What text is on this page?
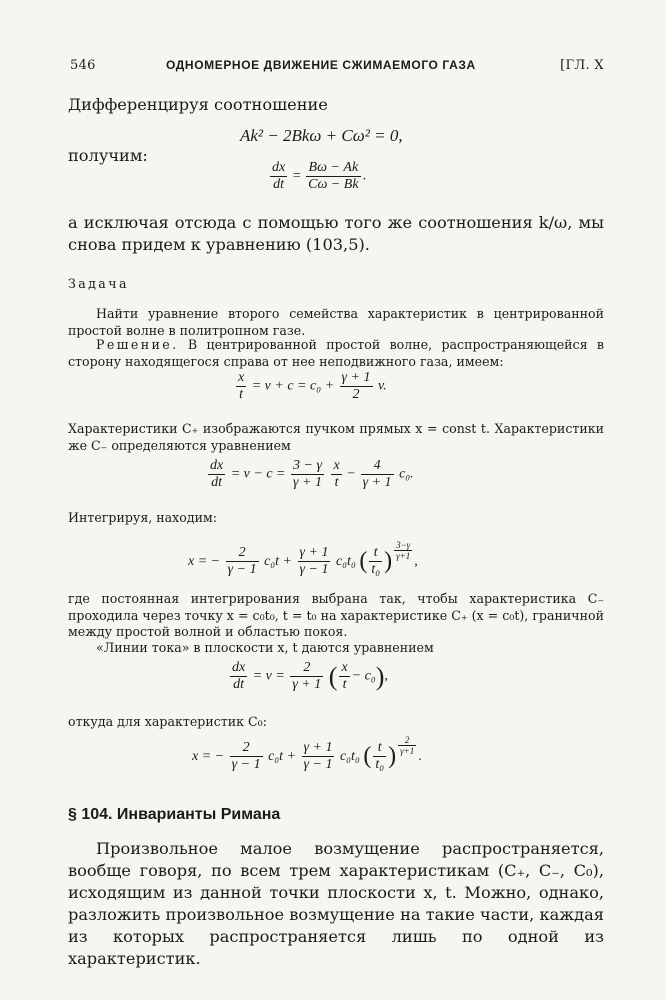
546	ОДНОМЕРНОЕ ДВИЖЕНИЕ СЖИМАЕМОГО ГАЗА	[ГЛ. X
Дифференцируя соотношение
Ak² − 2Bkω + Cω² = 0,
получим:
$\frac{dx}{dt} = \frac{B\omega - Ak}{C\omega - Bk}$ .
а исключая отсюда с помощью того же соотношения k/ω, мы снова придем к уравнению (103,5).
Задача
Найти уравнение второго семейства характеристик в центрированной простой волне в политропном газе.
Решение. В центрированной простой волне, распространяющейся в сторону находящегося справа от нее неподвижного газа, имеем:
$\frac{x}{t} = v + c = c_0 + \frac{\gamma + 1}{2} v$.
Характеристики C₊ изображаются пучком прямых x = const t. Характеристики же C₋ определяются уравнением
$\frac{dx}{dt} = v - c = \frac{3 - \gamma}{\gamma + 1}$
$\frac{x}{t} - \frac{4}{\gamma + 1} c_0$.
Интегрируя, находим:
x = − $\frac{2}{\gamma - 1} c_0t + \frac{\gamma + 1}{\gamma - 1} c_0t_0$ ( $\frac{t}{\text{t₀}}$ ) $^{\frac{3-\gamma}{\gamma+1}}$
,
где постоянная интегрирования выбрана так, чтобы характеристика C₋ проходила через точку x = c₀t₀, t = t₀ на характеристике C₊ (x = c₀t), граничной между простой волной и областью покоя.
«Линии тока» в плоскости x, t даются уравнением
$\frac{dx}{dt} = v = \frac{2}{\gamma + 1}$ ( $\frac{x}{t} - c_0$),
откуда для характеристик C₀:
x = − $\frac{2}{\gamma - 1} c_0t + \frac{\gamma + 1}{\gamma - 1} c_0t_0$ ( $\frac{t}{\text{t₀}}$ ) $^{\frac{2}{\gamma+1}}$
.
§ 104. Инварианты Римана
Произвольное малое возмущение распространяется, вообще говоря, по всем трем характеристикам (C₊, C₋, C₀), исходящим из данной точки плоскости x, t. Можно, однако, разложить произвольное возмущение на такие части, каждая из которых распространяется лишь по одной из характеристик.
